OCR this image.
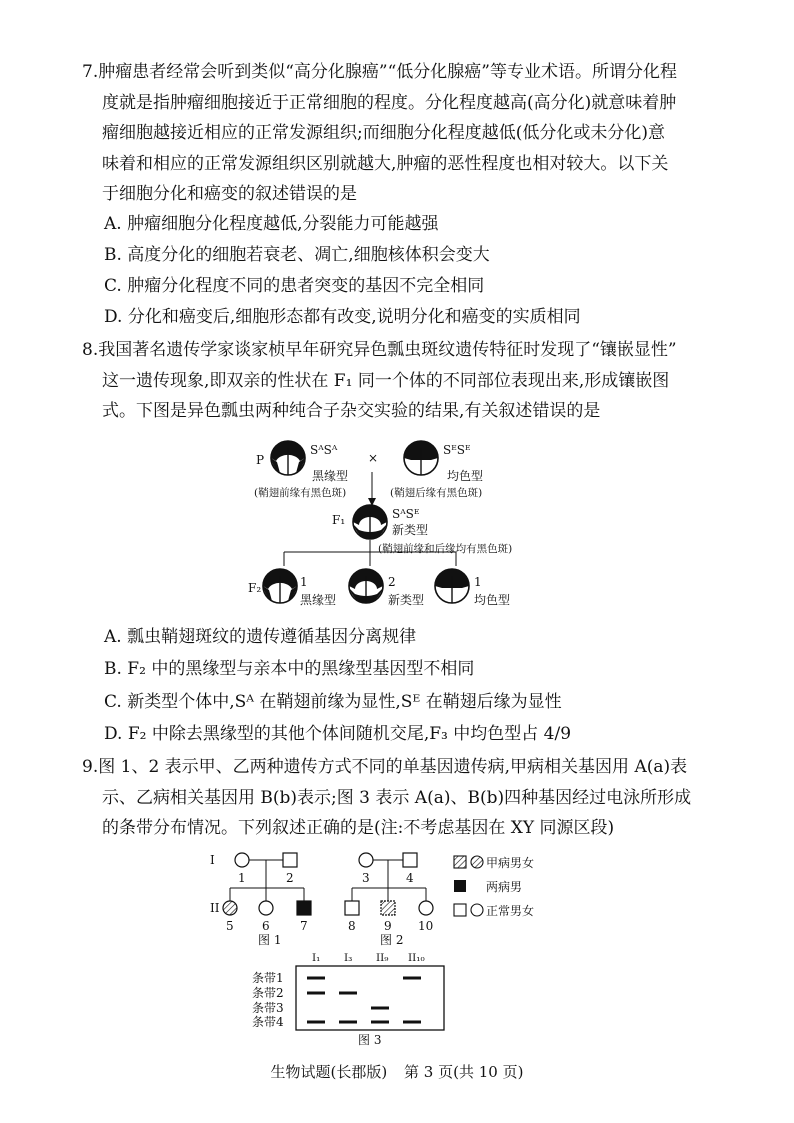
7.肿瘤患者经常会听到类似“高分化腺癌”“低分化腺癌”等专业术语。所谓分化程
度就是指肿瘤细胞接近于正常细胞的程度。分化程度越高(高分化)就意味着肿
瘤细胞越接近相应的正常发源组织;而细胞分化程度越低(低分化或未分化)意
味着和相应的正常发源组织区别就越大,肿瘤的恶性程度也相对较大。以下关
于细胞分化和癌变的叙述错误的是
A. 肿瘤细胞分化程度越低,分裂能力可能越强
B. 高度分化的细胞若衰老、凋亡,细胞核体积会变大
C. 肿瘤分化程度不同的患者突变的基因不完全相同
D. 分化和癌变后,细胞形态都有改变,说明分化和癌变的实质相同
8.我国著名遗传学家谈家桢早年研究异色瓢虫斑纹遗传特征时发现了“镶嵌显性”
这一遗传现象,即双亲的性状在 F₁ 同一个体的不同部位表现出来,形成镶嵌图
式。下图是异色瓢虫两种纯合子杂交实验的结果,有关叙述错误的是
P
SᴬSᴬ
黑缘型
(鞘翅前缘有黑色斑)
×
SᴱSᴱ
均色型
(鞘翅后缘有黑色斑)
F₁	SᴬSᴱ
新类型
(鞘翅前缘和后缘均有黑色斑)
F₂	1
黑缘型
2
新类型
1
均色型
A. 瓢虫鞘翅斑纹的遗传遵循基因分离规律
B. F₂ 中的黑缘型与亲本中的黑缘型基因型不相同
C. 新类型个体中,Sᴬ 在鞘翅前缘为显性,Sᴱ 在鞘翅后缘为显性
D. F₂ 中除去黑缘型的其他个体间随机交尾,F₃ 中均色型占 4/9
9.图 1、2 表示甲、乙两种遗传方式不同的单基因遗传病,甲病相关基因用 A(a)表
示、乙病相关基因用 B(b)表示;图 3 表示 A(a)、B(b)四种基因经过电泳所形成
的条带分布情况。下列叙述正确的是(注:不考虑基因在 XY 同源区段)
I
II
1	2
5 6	7
图 1
3	4
8 9 10
图 2
甲病男女
两病男
正常男女
I₁ I₃ II₉ II₁₀
条带1
条带2
条带3
条带4
图 3
生物试题(长郡版) 第 3 页(共 10 页)
